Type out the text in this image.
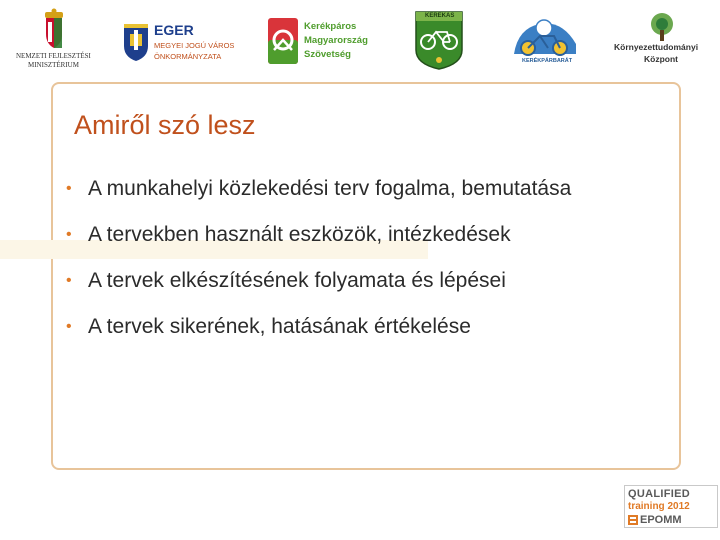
NEMZETI FEJLESZTÉSI
MINISZTÉRIUM
EGER
MEGYEI JOGÚ VÁROS
ÖNKORMÁNYZATA
Kerékpáros
Magyarország
Szövetség
KEREKAS
KERÉKPÁRBARÁT
Környezettudományi
Központ
Amiről szó lesz
• A munkahelyi közlekedési terv fogalma, bemutatása
• A tervekben használt eszközök, intézkedések
• A tervek elkészítésének folyamata és lépései
• A tervek sikerének, hatásának értékelése
QUALIFIED
training 2012
EPOMM
